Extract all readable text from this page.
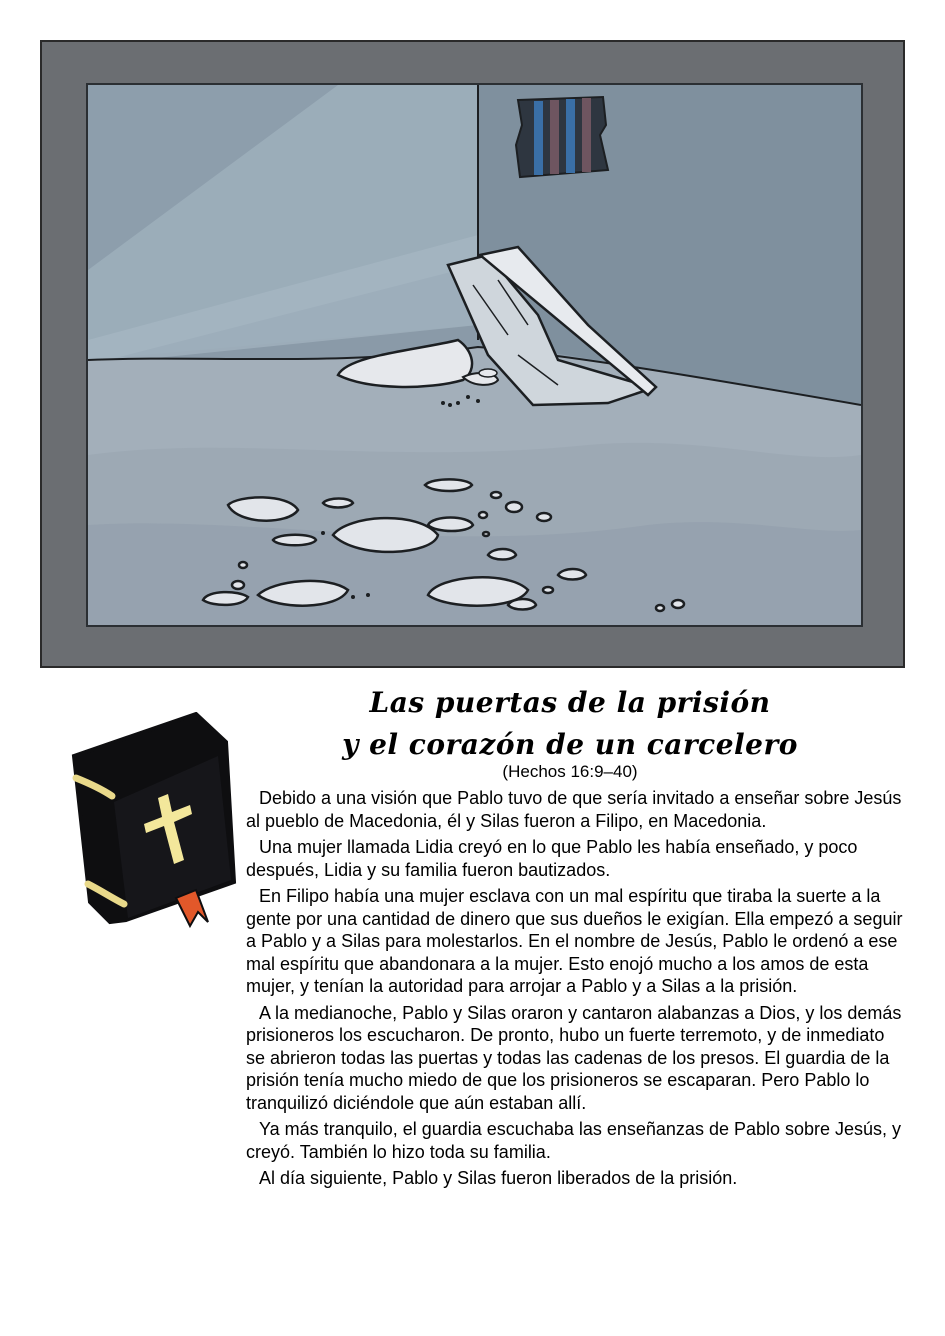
Las puertas de la prisión
y el corazón de un carcelero
(Hechos 16:9–40)

Debido a una visión que Pablo tuvo de que sería invitado a enseñar sobre Jesús al pueblo de Macedonia, él y Silas fueron a Filipo, en Macedonia.

Una mujer llamada Lidia creyó en lo que Pablo les había enseñado, y poco después, Lidia y su familia fueron bautizados.

En Filipo había una mujer esclava con un mal espíritu que tiraba la suerte a la gente por una cantidad de dinero que sus dueños le exigían. Ella empezó a seguir a Pablo y a Silas para molestarlos. En el nombre de Jesús, Pablo le ordenó a ese mal espíritu que abandonara a la mujer. Esto enojó mucho a los amos de esta mujer, y tenían la autoridad para arrojar a Pablo y a Silas a la prisión.

A la medianoche, Pablo y Silas oraron y cantaron alabanzas a Dios, y los demás prisioneros los escucharon. De pronto, hubo un fuerte terremoto, y de inmediato se abrieron todas las puertas y todas las cadenas de los presos. El guardia de la prisión tenía mucho miedo de que los prisioneros se escaparan. Pero Pablo lo tranquilizó diciéndole que aún estaban allí.

Ya más tranquilo, el guardia escuchaba las enseñanzas de Pablo sobre Jesús, y creyó. También lo hizo toda su familia.

Al día siguiente, Pablo y Silas fueron liberados de la prisión.
